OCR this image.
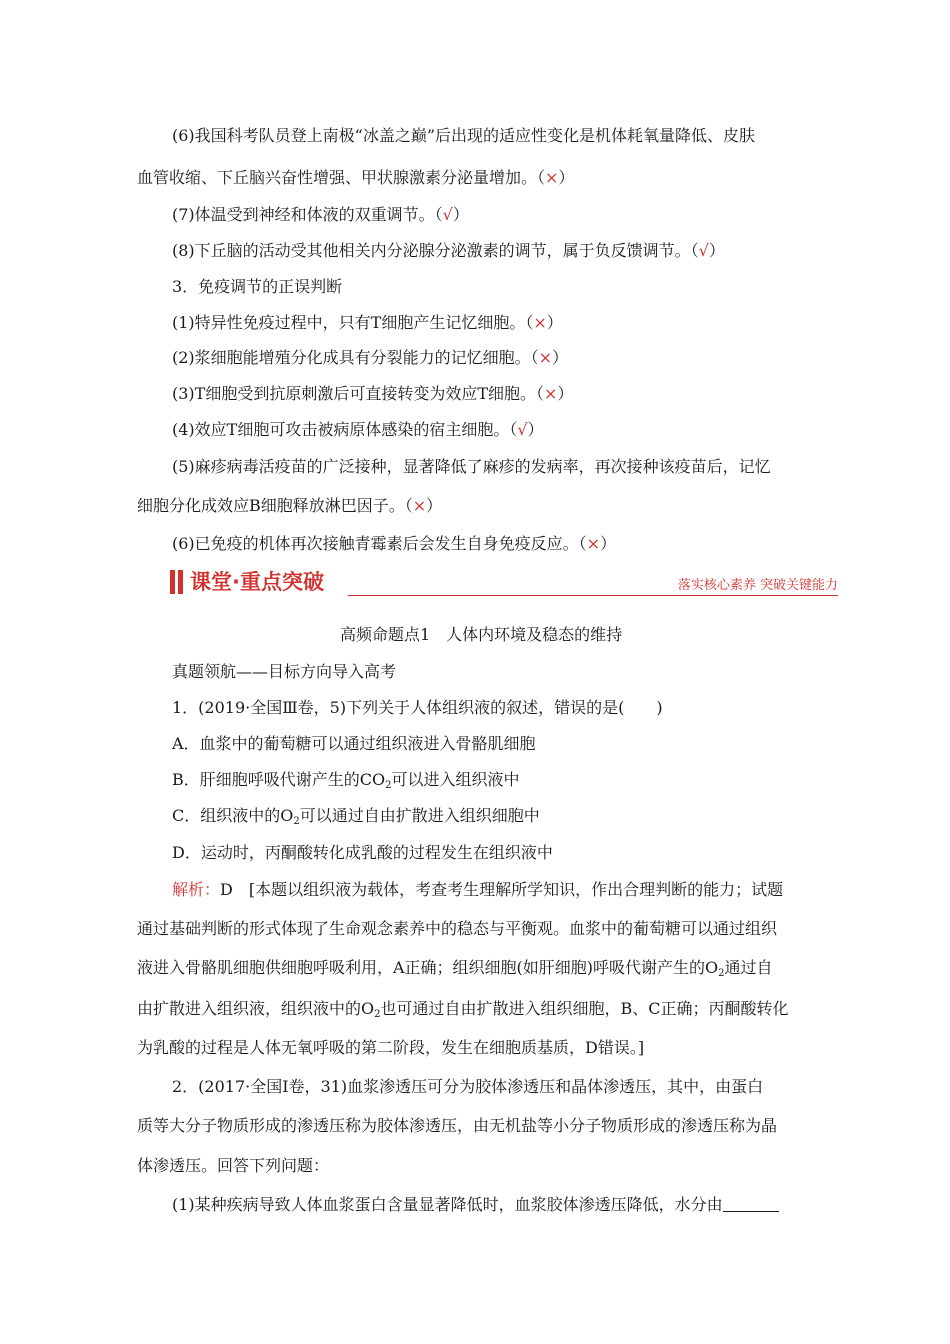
(6)我国科考队员登上南极“冰盖之巅”后出现的适应性变化是机体耗氧量降低、皮肤
血管收缩、下丘脑兴奋性增强、甲状腺激素分泌量增加。（×）
(7)体温受到神经和体液的双重调节。（√）
(8)下丘脑的活动受其他相关内分泌腺分泌激素的调节，属于负反馈调节。（√）
3．免疫调节的正误判断
(1)特异性免疫过程中，只有T细胞产生记忆细胞。（×）
(2)浆细胞能增殖分化成具有分裂能力的记忆细胞。（×）
(3)T细胞受到抗原刺激后可直接转变为效应T细胞。（×）
(4)效应T细胞可攻击被病原体感染的宿主细胞。（√）
(5)麻疹病毒活疫苗的广泛接种，显著降低了麻疹的发病率，再次接种该疫苗后，记忆
细胞分化成效应B细胞释放淋巴因子。（×）
(6)已免疫的机体再次接触青霉素后会发生自身免疫反应。（×）
课堂·重点突破	落实核心素养 突破关键能力
高频命题点1　人体内环境及稳态的维持
真题领航——目标方向导入高考
1．(2019·全国Ⅲ卷，5)下列关于人体组织液的叙述，错误的是(　　)
A．血浆中的葡萄糖可以通过组织液进入骨骼肌细胞
B．肝细胞呼吸代谢产生的$CO_2$可以进入组织液中
C．组织液中的$O_2$可以通过自由扩散进入组织细胞中
D．运动时，丙酮酸转化成乳酸的过程发生在组织液中
解析：D　[本题以组织液为载体，考查考生理解所学知识，作出合理判断的能力；试题
通过基础判断的形式体现了生命观念素养中的稳态与平衡观。血浆中的葡萄糖可以通过组织
液进入骨骼肌细胞供细胞呼吸利用，A正确；组织细胞(如肝细胞)呼吸代谢产生的$O_2$通过自
由扩散进入组织液，组织液中的$O_2$也可通过自由扩散进入组织细胞，B、C正确；丙酮酸转化
为乳酸的过程是人体无氧呼吸的第二阶段，发生在细胞质基质，D错误。]
2．(2017·全国Ⅰ卷，31)血浆渗透压可分为胶体渗透压和晶体渗透压，其中，由蛋白
质等大分子物质形成的渗透压称为胶体渗透压，由无机盐等小分子物质形成的渗透压称为晶
体渗透压。回答下列问题：
(1)某种疾病导致人体血浆蛋白含量显著降低时，血浆胶体渗透压降低，水分由
